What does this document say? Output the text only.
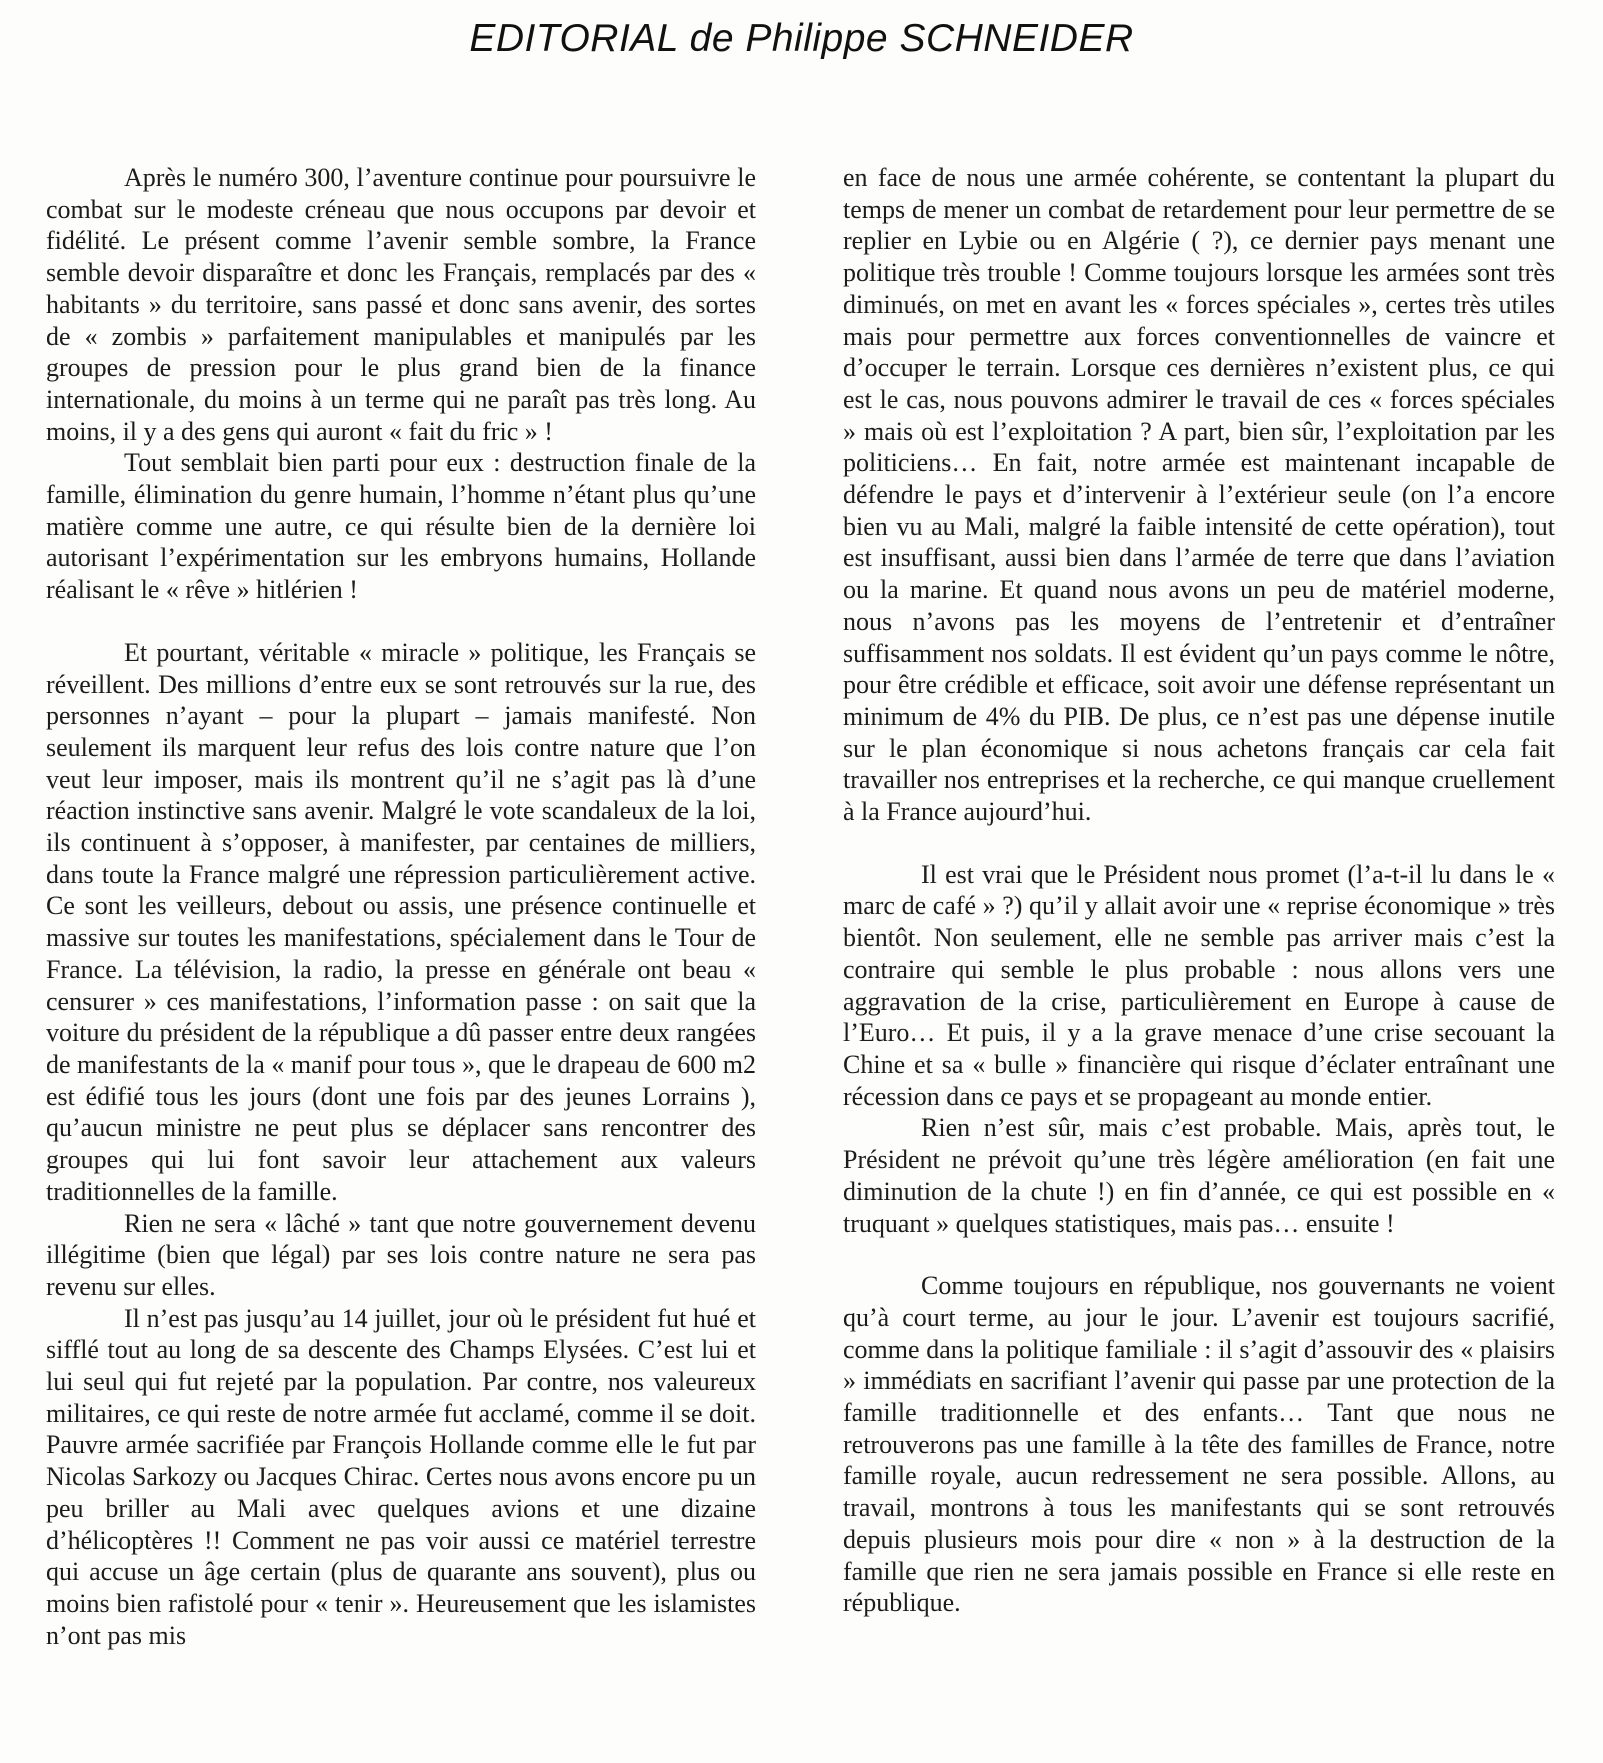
EDITORIAL de Philippe SCHNEIDER

Après le numéro 300, l’aventure continue pour poursuivre le combat sur le modeste créneau que nous occupons par devoir et fidélité. Le présent comme l’avenir semble sombre, la France semble devoir disparaître et donc les Français, remplacés par des « habitants » du territoire, sans passé et donc sans avenir, des sortes de « zombis » parfaitement manipulables et manipulés par les groupes de pression pour le plus grand bien de la finance internationale, du moins à un terme qui ne paraît pas très long. Au moins, il y a des gens qui auront « fait du fric » !

Tout semblait bien parti pour eux : destruction finale de la famille, élimination du genre humain, l’homme n’étant plus qu’une matière comme une autre, ce qui résulte bien de la dernière loi autorisant l’expérimentation sur les embryons humains, Hollande réalisant le « rêve » hitlérien !

Et pourtant, véritable « miracle » politique, les Français se réveillent. Des millions d’entre eux se sont retrouvés sur la rue, des personnes n’ayant – pour la plupart – jamais manifesté. Non seulement ils marquent leur refus des lois contre nature que l’on veut leur imposer, mais ils montrent qu’il ne s’agit pas là d’une réaction instinctive sans avenir. Malgré le vote scandaleux de la loi, ils continuent à s’opposer, à manifester, par centaines de milliers, dans toute la France malgré une répression particulièrement active. Ce sont les veilleurs, debout ou assis, une présence continuelle et massive sur toutes les manifestations, spécialement dans le Tour de France. La télévision, la radio, la presse en générale ont beau « censurer » ces manifestations, l’information passe : on sait que la voiture du président de la république a dû passer entre deux rangées de manifestants de la « manif pour tous », que le drapeau de 600 m2 est édifié tous les jours (dont une fois par des jeunes Lorrains ), qu’aucun ministre ne peut plus se déplacer sans rencontrer des groupes qui lui font savoir leur attachement aux valeurs traditionnelles de la famille.

Rien ne sera « lâché » tant que notre gouvernement devenu illégitime (bien que légal) par ses lois contre nature ne sera pas revenu sur elles.

Il n’est pas jusqu’au 14 juillet, jour où le président fut hué et sifflé tout au long de sa descente des Champs Elysées. C’est lui et lui seul qui fut rejeté par la population. Par contre, nos valeureux militaires, ce qui reste de notre armée fut acclamé, comme il se doit. Pauvre armée sacrifiée par François Hollande comme elle le fut par Nicolas Sarkozy ou Jacques Chirac. Certes nous avons encore pu un peu briller au Mali avec quelques avions et une dizaine d’hélicoptères !! Comment ne pas voir aussi ce matériel terrestre qui accuse un âge certain (plus de quarante ans souvent), plus ou moins bien rafistolé pour « tenir ». Heureusement que les islamistes n’ont pas mis

en face de nous une armée cohérente, se contentant la plupart du temps de mener un combat de retardement pour leur permettre de se replier en Lybie ou en Algérie ( ?), ce dernier pays menant une politique très trouble ! Comme toujours lorsque les armées sont très diminués, on met en avant les « forces spéciales », certes très utiles mais pour permettre aux forces conventionnelles de vaincre et d’occuper le terrain. Lorsque ces dernières n’existent plus, ce qui est le cas, nous pouvons admirer le travail de ces « forces spéciales » mais où est l’exploitation ? A part, bien sûr, l’exploitation par les politiciens… En fait, notre armée est maintenant incapable de défendre le pays et d’intervenir à l’extérieur seule (on l’a encore bien vu au Mali, malgré la faible intensité de cette opération), tout est insuffisant, aussi bien dans l’armée de terre que dans l’aviation ou la marine. Et quand nous avons un peu de matériel moderne, nous n’avons pas les moyens de l’entretenir et d’entraîner suffisamment nos soldats. Il est évident qu’un pays comme le nôtre, pour être crédible et efficace, soit avoir une défense représentant un minimum de 4% du PIB. De plus, ce n’est pas une dépense inutile sur le plan économique si nous achetons français car cela fait travailler nos entreprises et la recherche, ce qui manque cruellement à la France aujourd’hui.

Il est vrai que le Président nous promet (l’a-t-il lu dans le « marc de café » ?) qu’il y allait avoir une « reprise économique » très bientôt. Non seulement, elle ne semble pas arriver mais c’est la contraire qui semble le plus probable : nous allons vers une aggravation de la crise, particulièrement en Europe à cause de l’Euro… Et puis, il y a la grave menace d’une crise secouant la Chine et sa « bulle » financière qui risque d’éclater entraînant une récession dans ce pays et se propageant au monde entier.

Rien n’est sûr, mais c’est probable. Mais, après tout, le Président ne prévoit qu’une très légère amélioration (en fait une diminution de la chute !) en fin d’année, ce qui est possible en « truquant » quelques statistiques, mais pas… ensuite !

Comme toujours en république, nos gouvernants ne voient qu’à court terme, au jour le jour. L’avenir est toujours sacrifié, comme dans la politique familiale : il s’agit d’assouvir des « plaisirs » immédiats en sacrifiant l’avenir qui passe par une protection de la famille traditionnelle et des enfants… Tant que nous ne retrouverons pas une famille à la tête des familles de France, notre famille royale, aucun redressement ne sera possible. Allons, au travail, montrons à tous les manifestants qui se sont retrouvés depuis plusieurs mois pour dire « non » à la destruction de la famille que rien ne sera jamais possible en France si elle reste en république.
